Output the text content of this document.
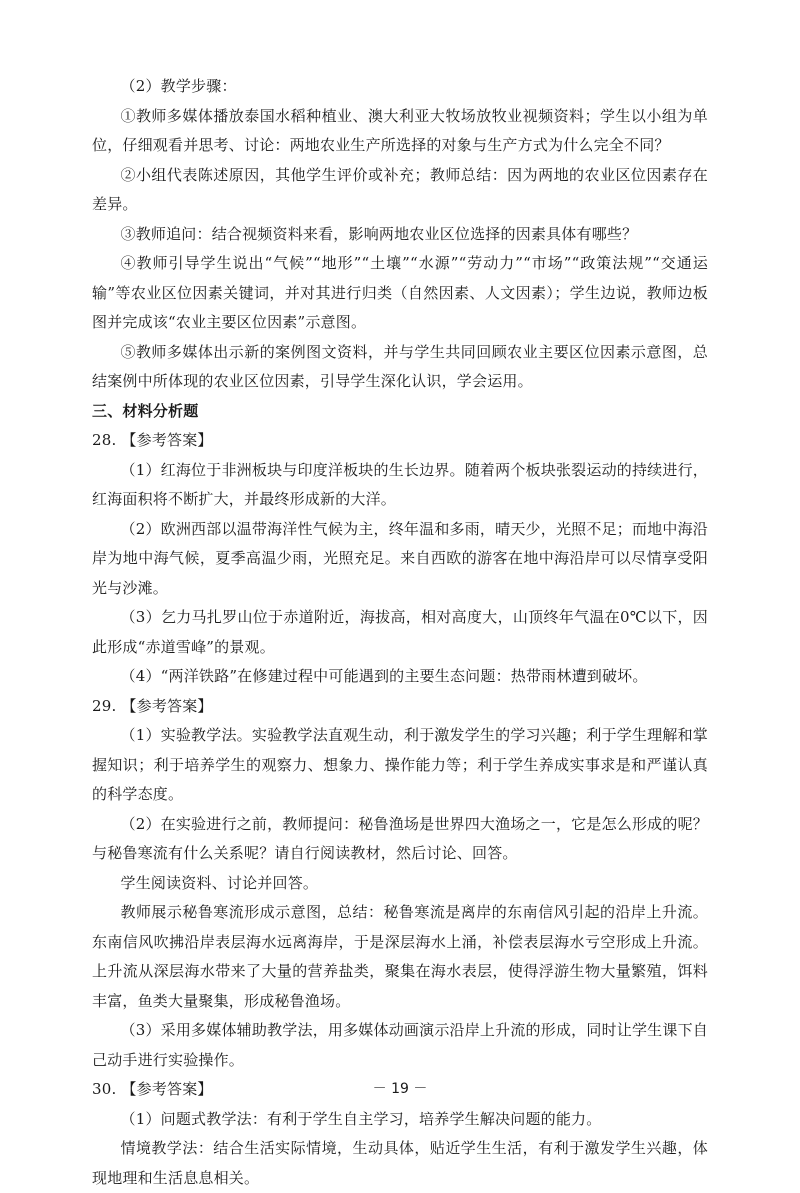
（2）教学步骤：

①教师多媒体播放泰国水稻种植业、澳大利亚大牧场放牧业视频资料；学生以小组为单位，仔细观看并思考、讨论：两地农业生产所选择的对象与生产方式为什么完全不同？

②小组代表陈述原因，其他学生评价或补充；教师总结：因为两地的农业区位因素存在差异。

③教师追问：结合视频资料来看，影响两地农业区位选择的因素具体有哪些？

④教师引导学生说出“气候”“地形”“土壤”“水源”“劳动力”“市场”“政策法规”“交通运输”等农业区位因素关键词，并对其进行归类（自然因素、人文因素）；学生边说，教师边板图并完成该“农业主要区位因素”示意图。

⑤教师多媒体出示新的案例图文资料，并与学生共同回顾农业主要区位因素示意图，总结案例中所体现的农业区位因素，引导学生深化认识，学会运用。

三、材料分析题

28. 【参考答案】

（1）红海位于非洲板块与印度洋板块的生长边界。随着两个板块张裂运动的持续进行，红海面积将不断扩大，并最终形成新的大洋。

（2）欧洲西部以温带海洋性气候为主，终年温和多雨，晴天少，光照不足；而地中海沿岸为地中海气候，夏季高温少雨，光照充足。来自西欧的游客在地中海沿岸可以尽情享受阳光与沙滩。

（3）乞力马扎罗山位于赤道附近，海拔高，相对高度大，山顶终年气温在0℃以下，因此形成“赤道雪峰”的景观。

（4）“两洋铁路”在修建过程中可能遇到的主要生态问题：热带雨林遭到破坏。

29. 【参考答案】

（1）实验教学法。实验教学法直观生动，利于激发学生的学习兴趣；利于学生理解和掌握知识；利于培养学生的观察力、想象力、操作能力等；利于学生养成实事求是和严谨认真的科学态度。

（2）在实验进行之前，教师提问：秘鲁渔场是世界四大渔场之一，它是怎么形成的呢？与秘鲁寒流有什么关系呢？请自行阅读教材，然后讨论、回答。

学生阅读资料、讨论并回答。

教师展示秘鲁寒流形成示意图，总结：秘鲁寒流是离岸的东南信风引起的沿岸上升流。东南信风吹拂沿岸表层海水远离海岸，于是深层海水上涌，补偿表层海水亏空形成上升流。上升流从深层海水带来了大量的营养盐类，聚集在海水表层，使得浮游生物大量繁殖，饵料丰富，鱼类大量聚集，形成秘鲁渔场。

（3）采用多媒体辅助教学法，用多媒体动画演示沿岸上升流的形成，同时让学生课下自己动手进行实验操作。

30. 【参考答案】

（1）问题式教学法：有利于学生自主学习，培养学生解决问题的能力。

情境教学法：结合生活实际情境，生动具体，贴近学生生活，有利于激发学生兴趣，体现地理和生活息息相关。

－ 19 －
